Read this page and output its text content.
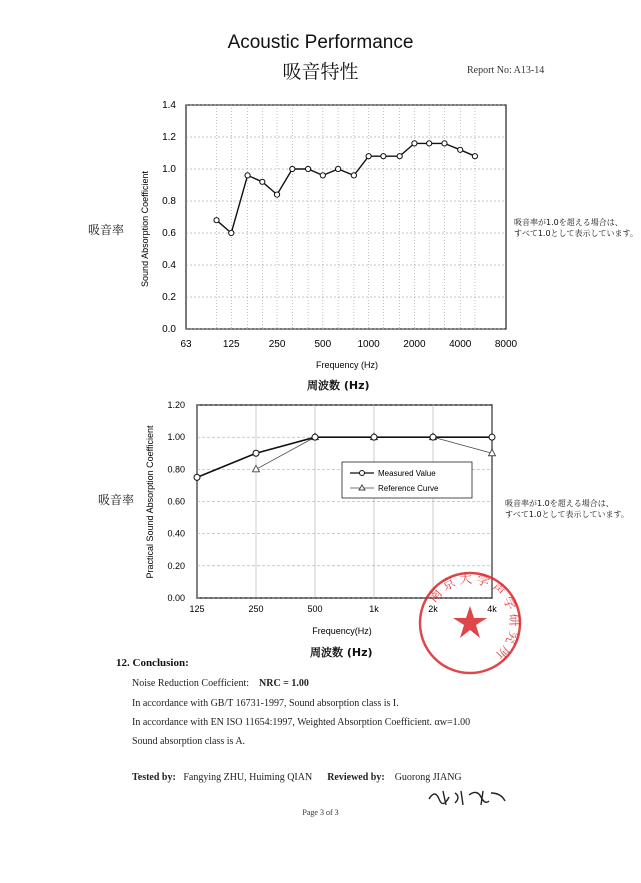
Acoustic Performance
吸音特性	Report No: A13-14
吸音率
吸音率が1.0を超える場合は、
すべて1.0として表示しています。
吸音率	吸音率が1.0を超える場合は、
すべて1.0として表示しています。
0.0
0.2
0.4
0.6
0.8
1.0
1.2
1.4
63	125	250	500	1000 2000 4000 8000
Sound Absorption Coefficient
Frequency (Hz)
周波数 (Hz)
0.00
0.20
0.40
0.60
0.80
1.00
1.20
125	250	500	1k	2k	4k
Measured Value
Reference Curve
Practical Sound Absorption Coefficient
Frequency(Hz)
周波数 (Hz)
南京大学声学研究所
12. Conclusion:
Noise Reduction Coefficient: NRC = 1.00
In accordance with GB/T 16731-1997, Sound absorption class is I.
In accordance with EN ISO 11654:1997, Weighted Absorption Coefficient. αw=1.00
Sound absorption class is A.
Tested by: Fangying ZHU, Huiming QIAN Reviewed by: Guorong JIANG
Page 3 of 3
